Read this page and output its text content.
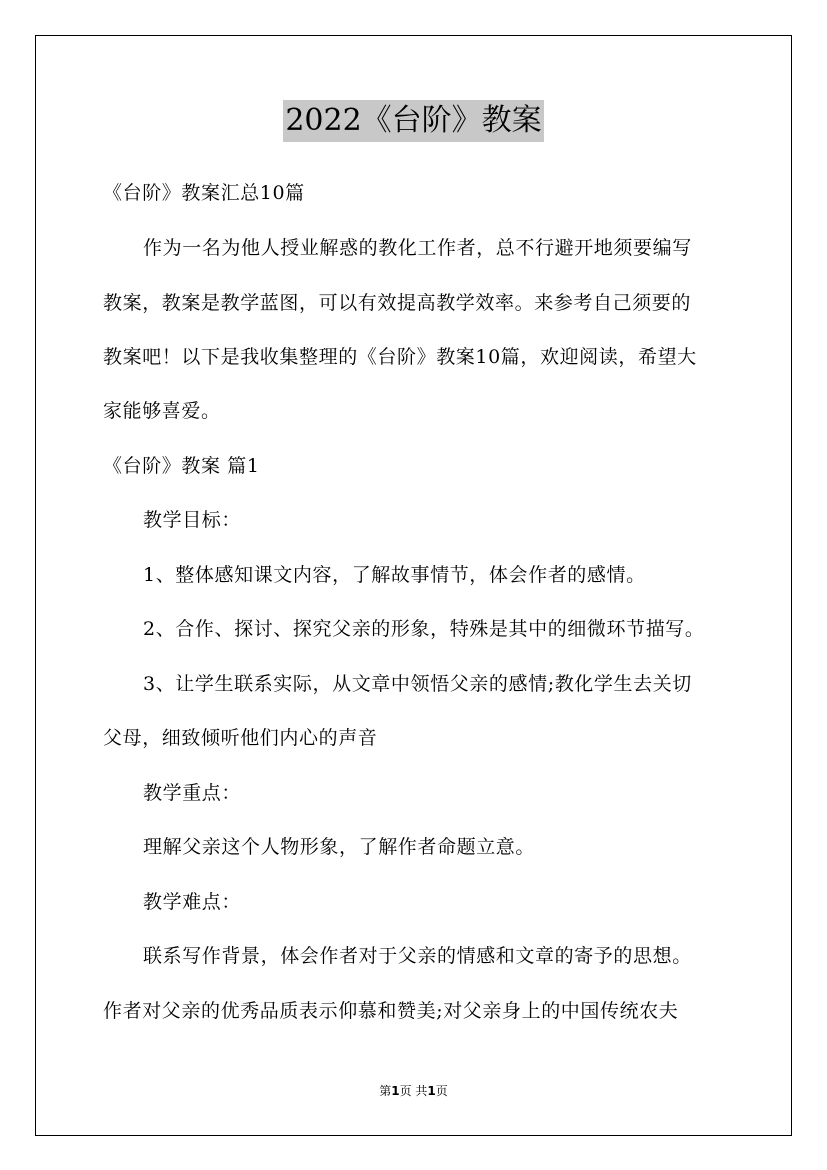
2022《台阶》教案
《台阶》教案汇总10篇
作为一名为他人授业解惑的教化工作者，总不行避开地须要编写
教案，教案是教学蓝图，可以有效提高教学效率。来参考自己须要的
教案吧！以下是我收集整理的《台阶》教案10篇，欢迎阅读，希望大
家能够喜爱。
《台阶》教案 篇1
教学目标：
1、整体感知课文内容，了解故事情节，体会作者的感情。
2、合作、探讨、探究父亲的形象，特殊是其中的细微环节描写。
3、让学生联系实际，从文章中领悟父亲的感情;教化学生去关切
父母，细致倾听他们内心的声音
教学重点：
理解父亲这个人物形象，了解作者命题立意。
教学难点：
联系写作背景，体会作者对于父亲的情感和文章的寄予的思想。
作者对父亲的优秀品质表示仰慕和赞美;对父亲身上的中国传统农夫
第1页 共1页
